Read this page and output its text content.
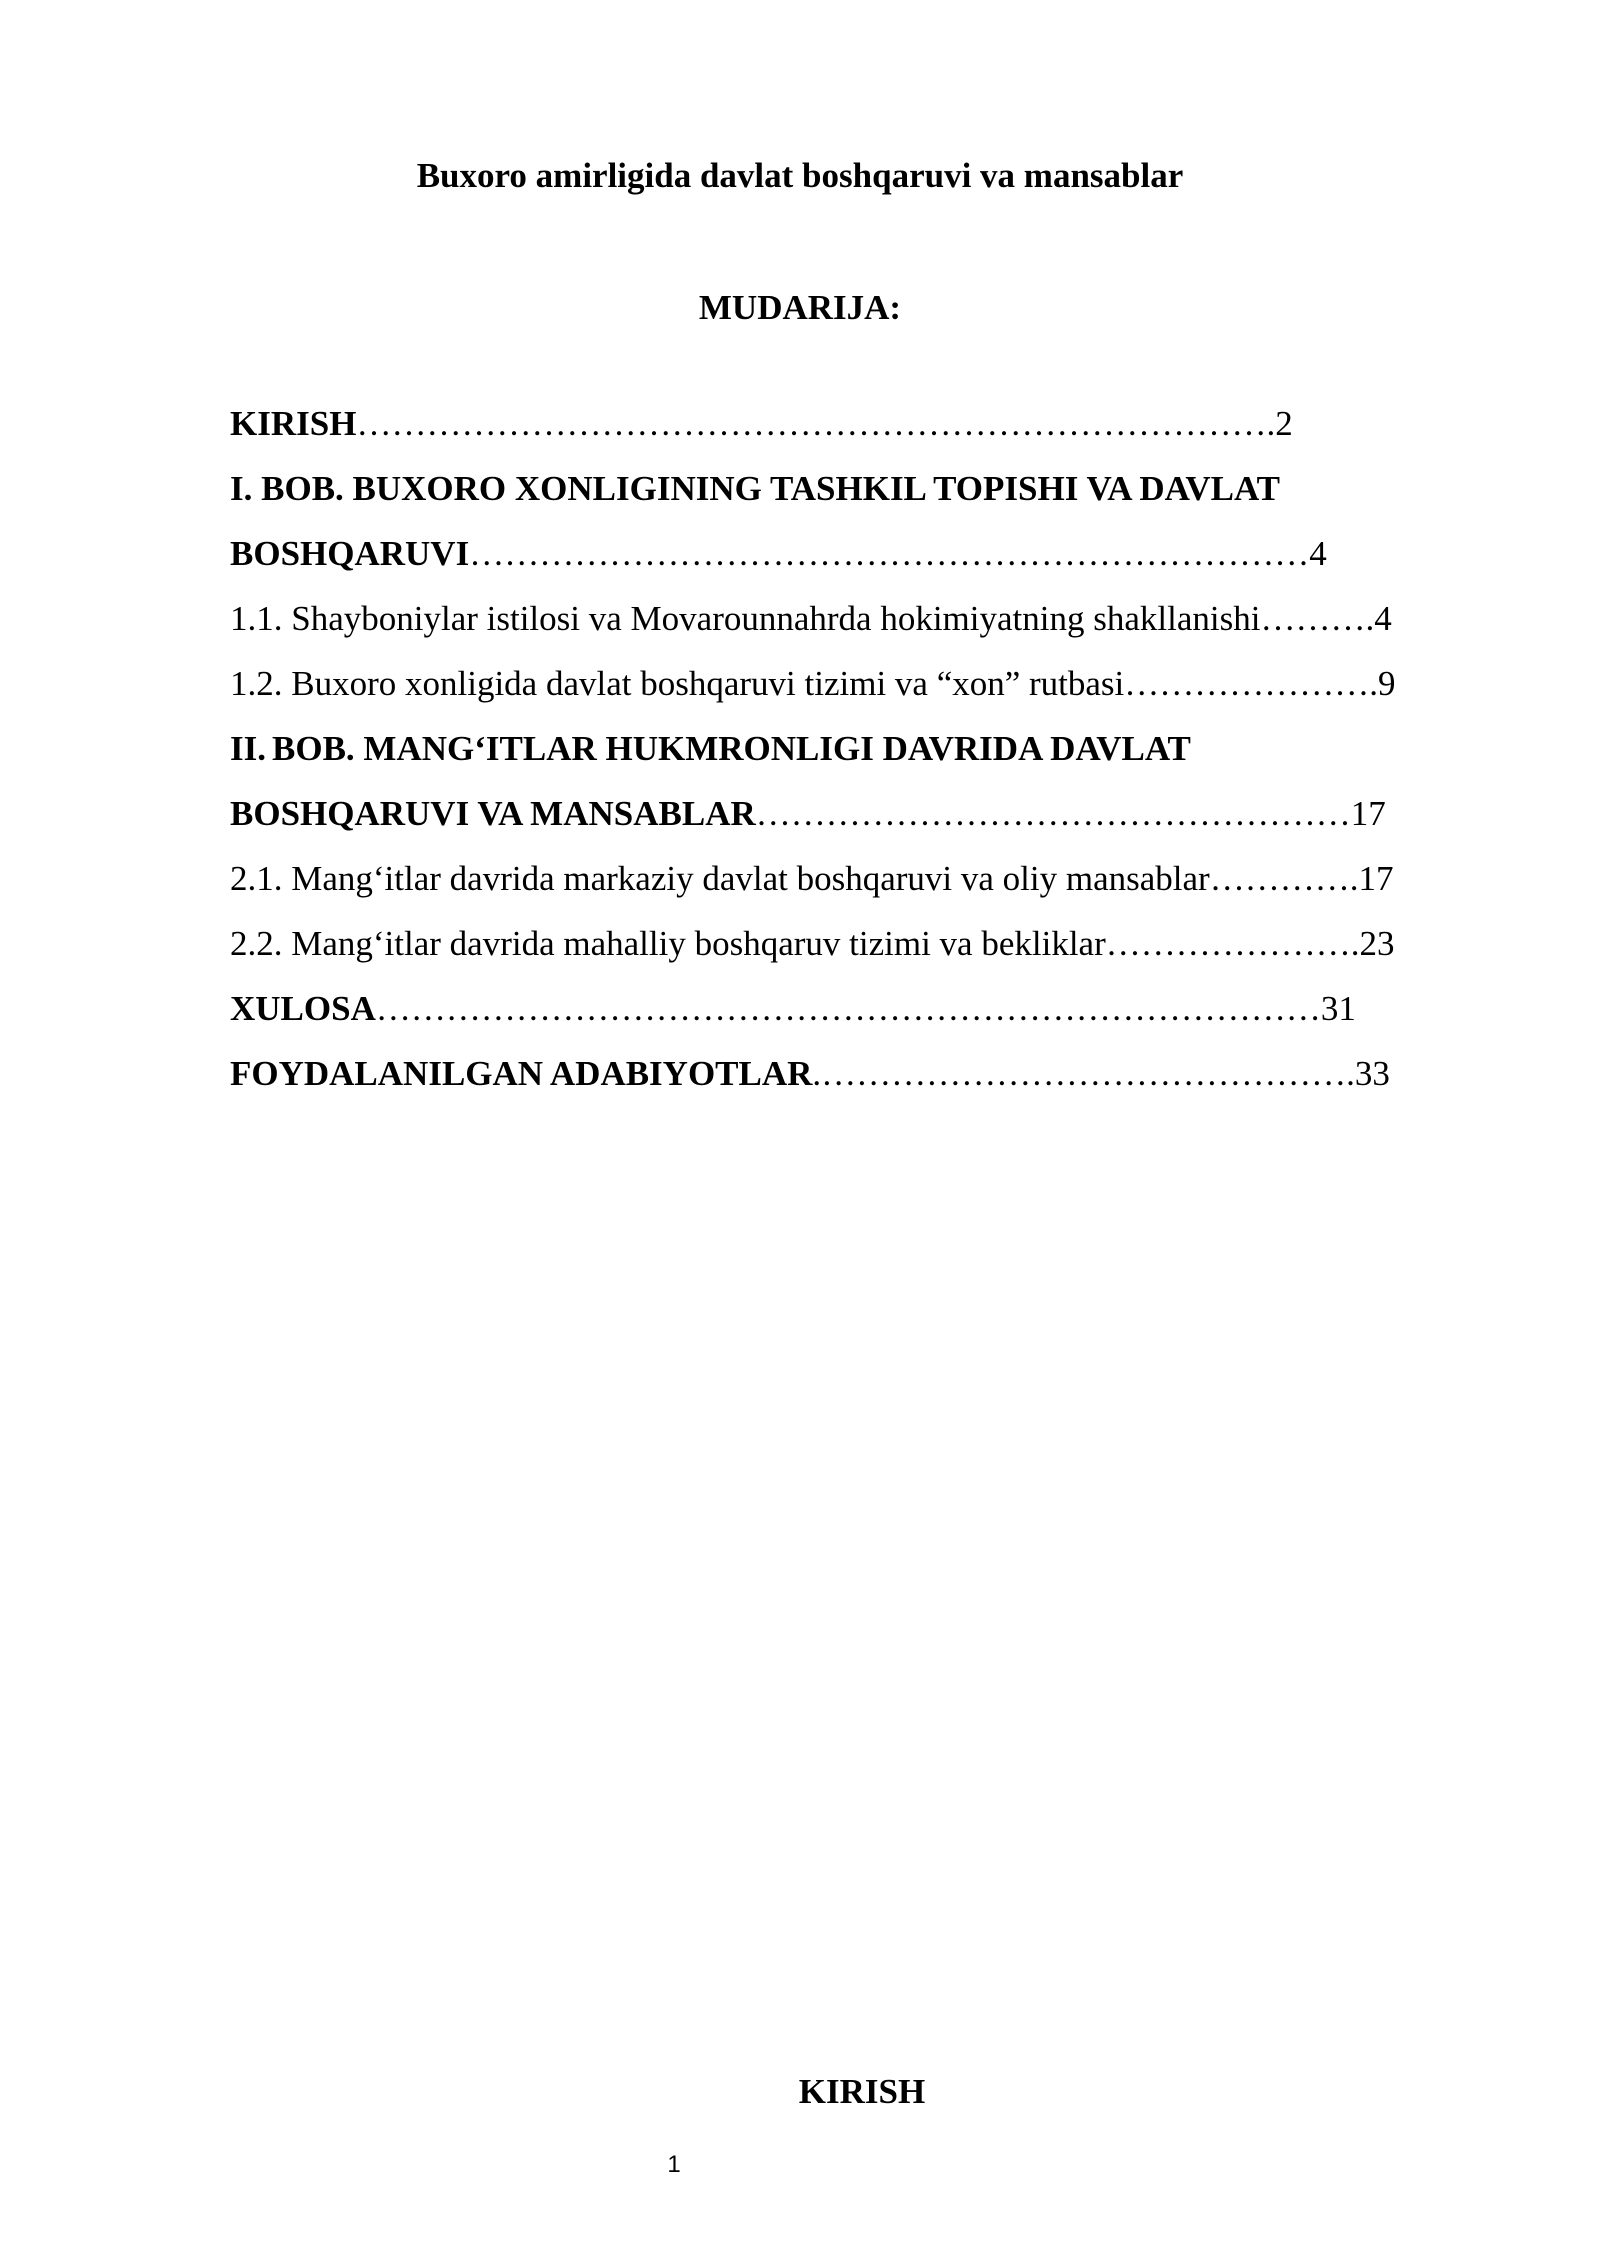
Buxoro amirligida davlat boshqaruvi va mansablar
MUDARIJA:
KIRISH…………………………………………………………………….2
I. BOB. BUXORO XONLIGINING TASHKIL TOPISHI VA DAVLAT
BOSHQARUVI………………………………………………………………4
1.1. Shayboniylar istilosi va Movarounnahrda hokimiyatning shakllanishi……….4
1.2. Buxoro xonligida davlat boshqaruvi tizimi va “xon” rutbasi………………….9
II. BOB. MANG‘ITLAR HUKMRONLIGI DAVRIDA DAVLAT
BOSHQARUVI VA MANSABLAR……………………………………………17
2.1. Mang‘itlar davrida markaziy davlat boshqaruvi va oliy mansablar………….17
2.2. Mang‘itlar davrida mahalliy boshqaruv tizimi va bekliklar………………….23
XULOSA………………………………………………………………………31
FOYDALANILGAN ADABIYOTLAR.……………………………………….33
KIRISH
1
